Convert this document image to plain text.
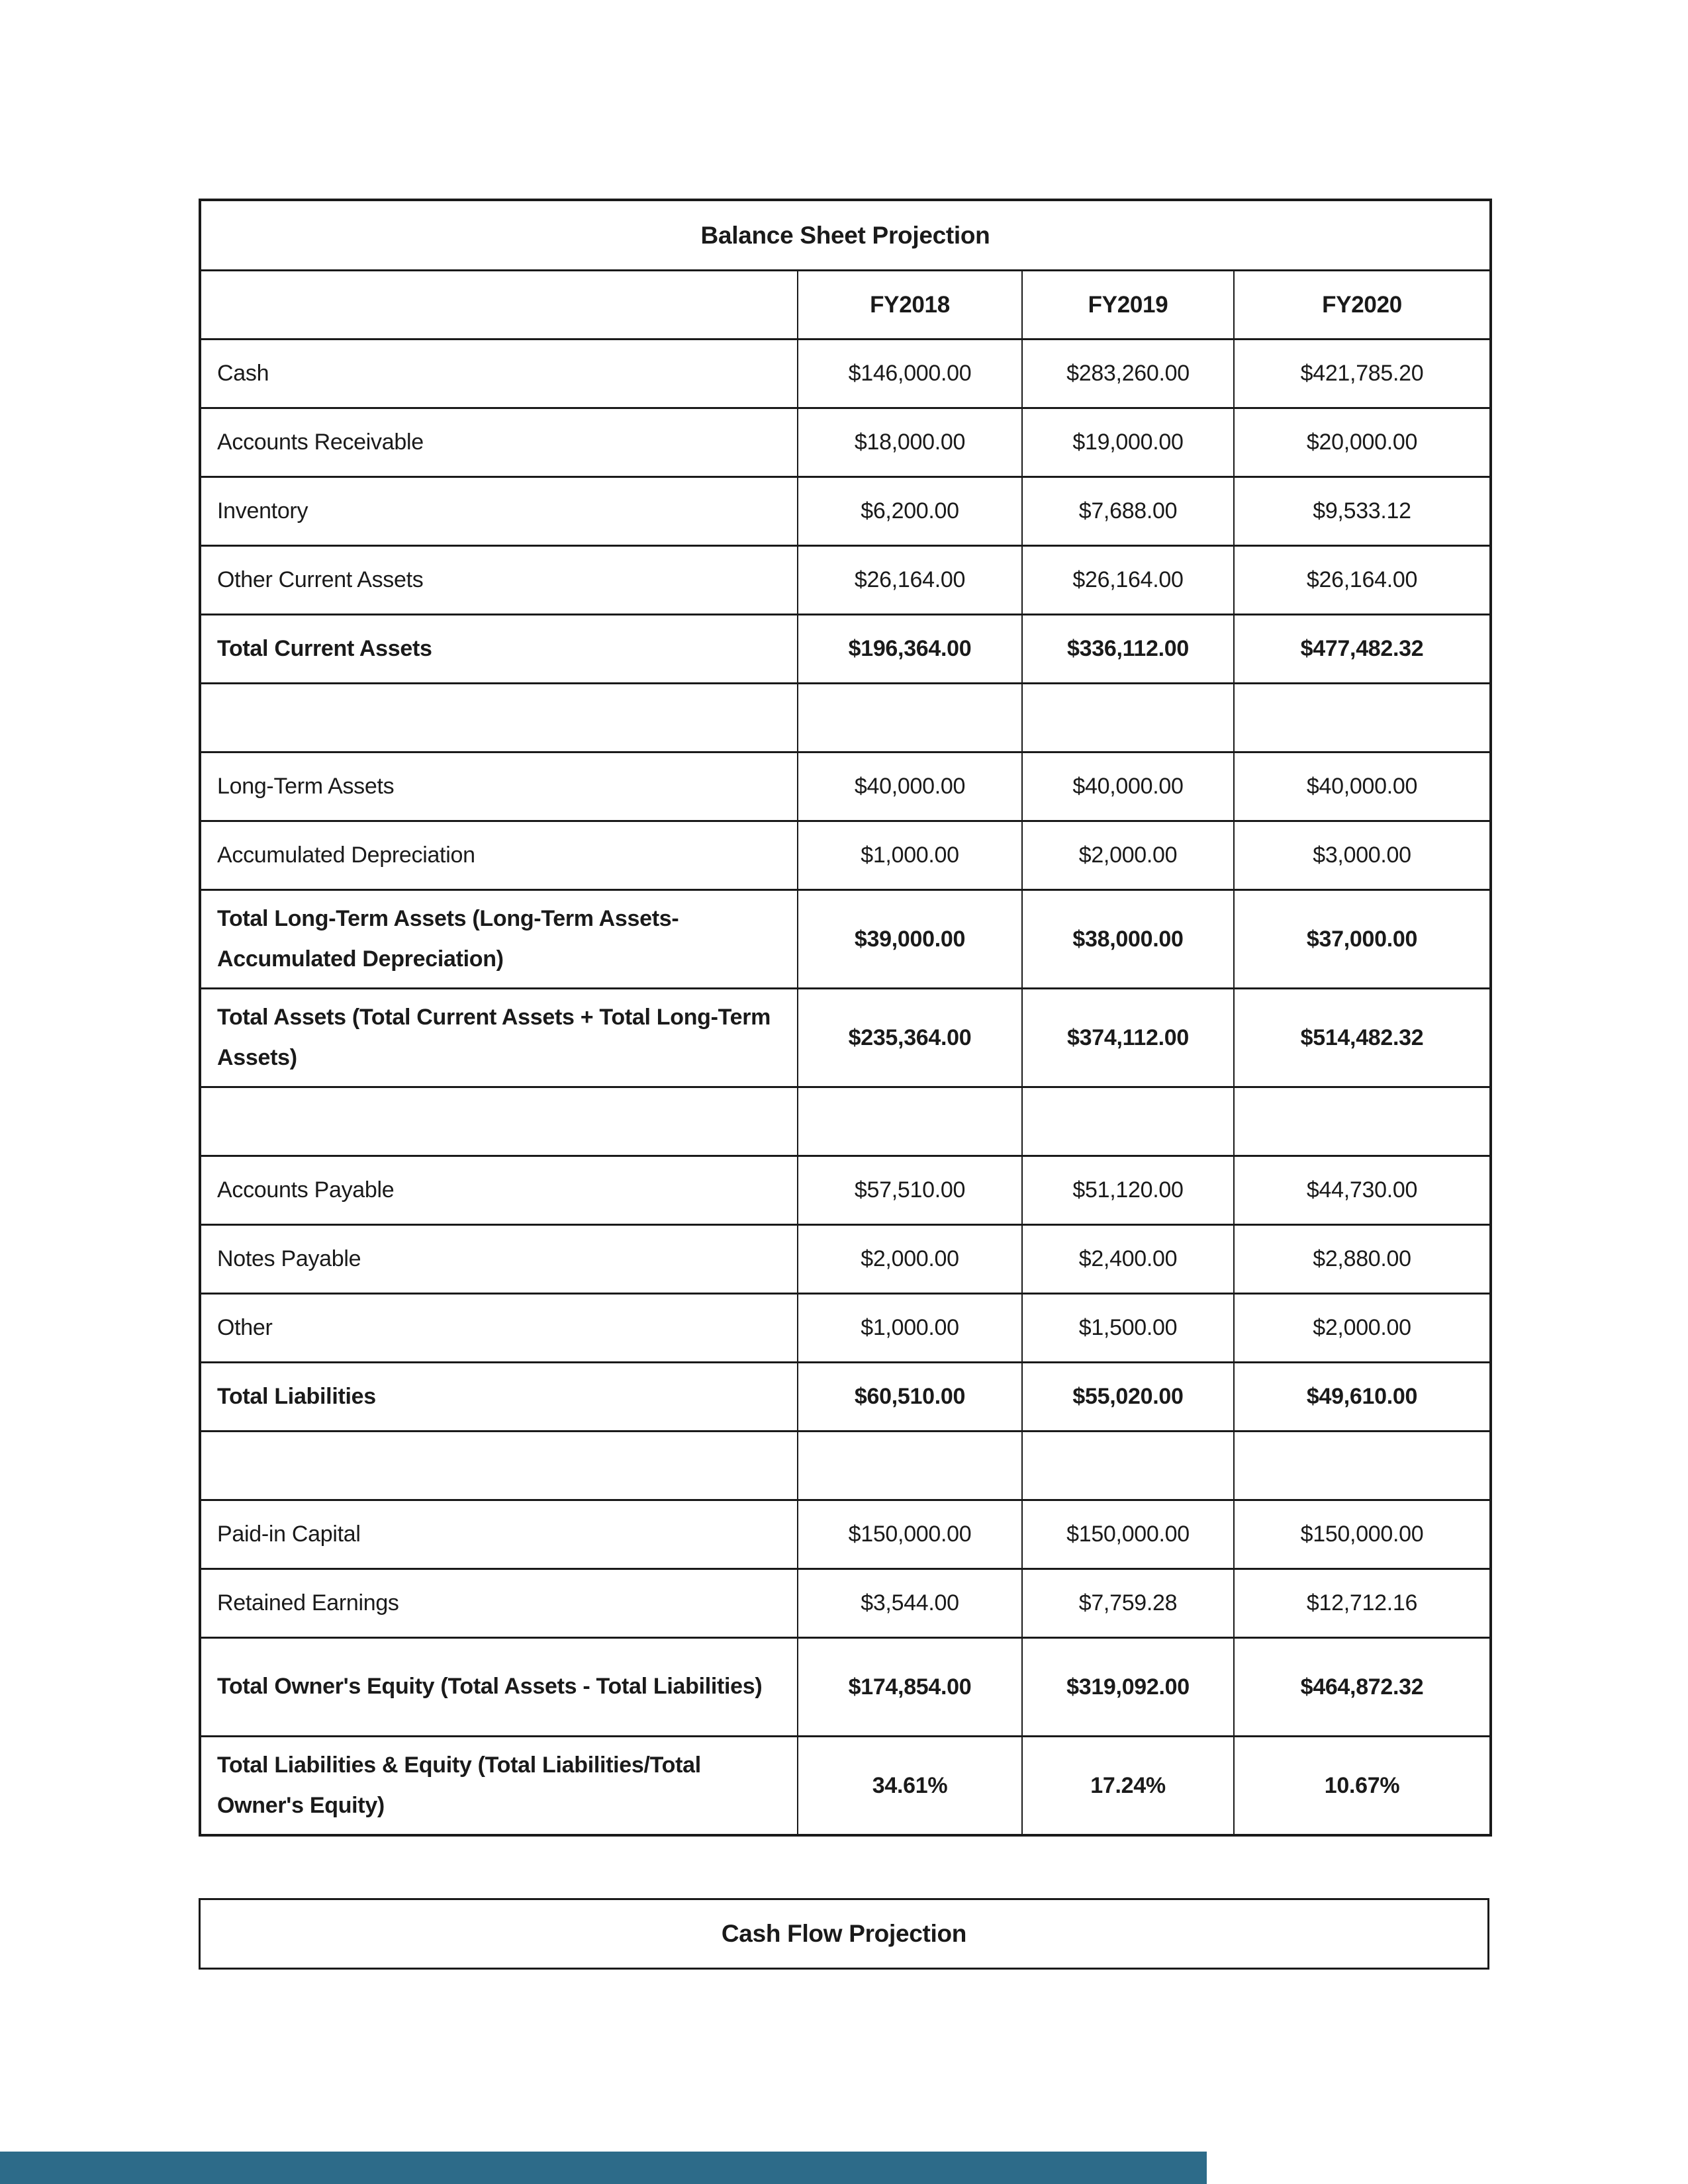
Balance Sheet Projection			
	FY2018	FY2019	FY2020
Cash	$146,000.00	$283,260.00	$421,785.20
Accounts Receivable	$18,000.00	$19,000.00	$20,000.00
Inventory	$6,200.00	$7,688.00	$9,533.12
Other Current Assets	$26,164.00	$26,164.00	$26,164.00
Total Current Assets	$196,364.00	$336,112.00	$477,482.32

Long-Term Assets	$40,000.00	$40,000.00	$40,000.00
Accumulated Depreciation	$1,000.00	$2,000.00	$3,000.00
Total Long-Term Assets (Long-Term Assets-Accumulated Depreciation)	$39,000.00	$38,000.00	$37,000.00
Total Assets (Total Current Assets + Total Long-Term Assets)	$235,364.00	$374,112.00	$514,482.32

Accounts Payable	$57,510.00	$51,120.00	$44,730.00
Notes Payable	$2,000.00	$2,400.00	$2,880.00
Other	$1,000.00	$1,500.00	$2,000.00
Total Liabilities	$60,510.00	$55,020.00	$49,610.00

Paid-in Capital	$150,000.00	$150,000.00	$150,000.00
Retained Earnings	$3,544.00	$7,759.28	$12,712.16
Total Owner's Equity (Total Assets - Total Liabilities)	$174,854.00	$319,092.00	$464,872.32
Total Liabilities & Equity (Total Liabilities/Total Owner's Equity)	34.61%	17.24%	10.67%
Cash Flow Projection
